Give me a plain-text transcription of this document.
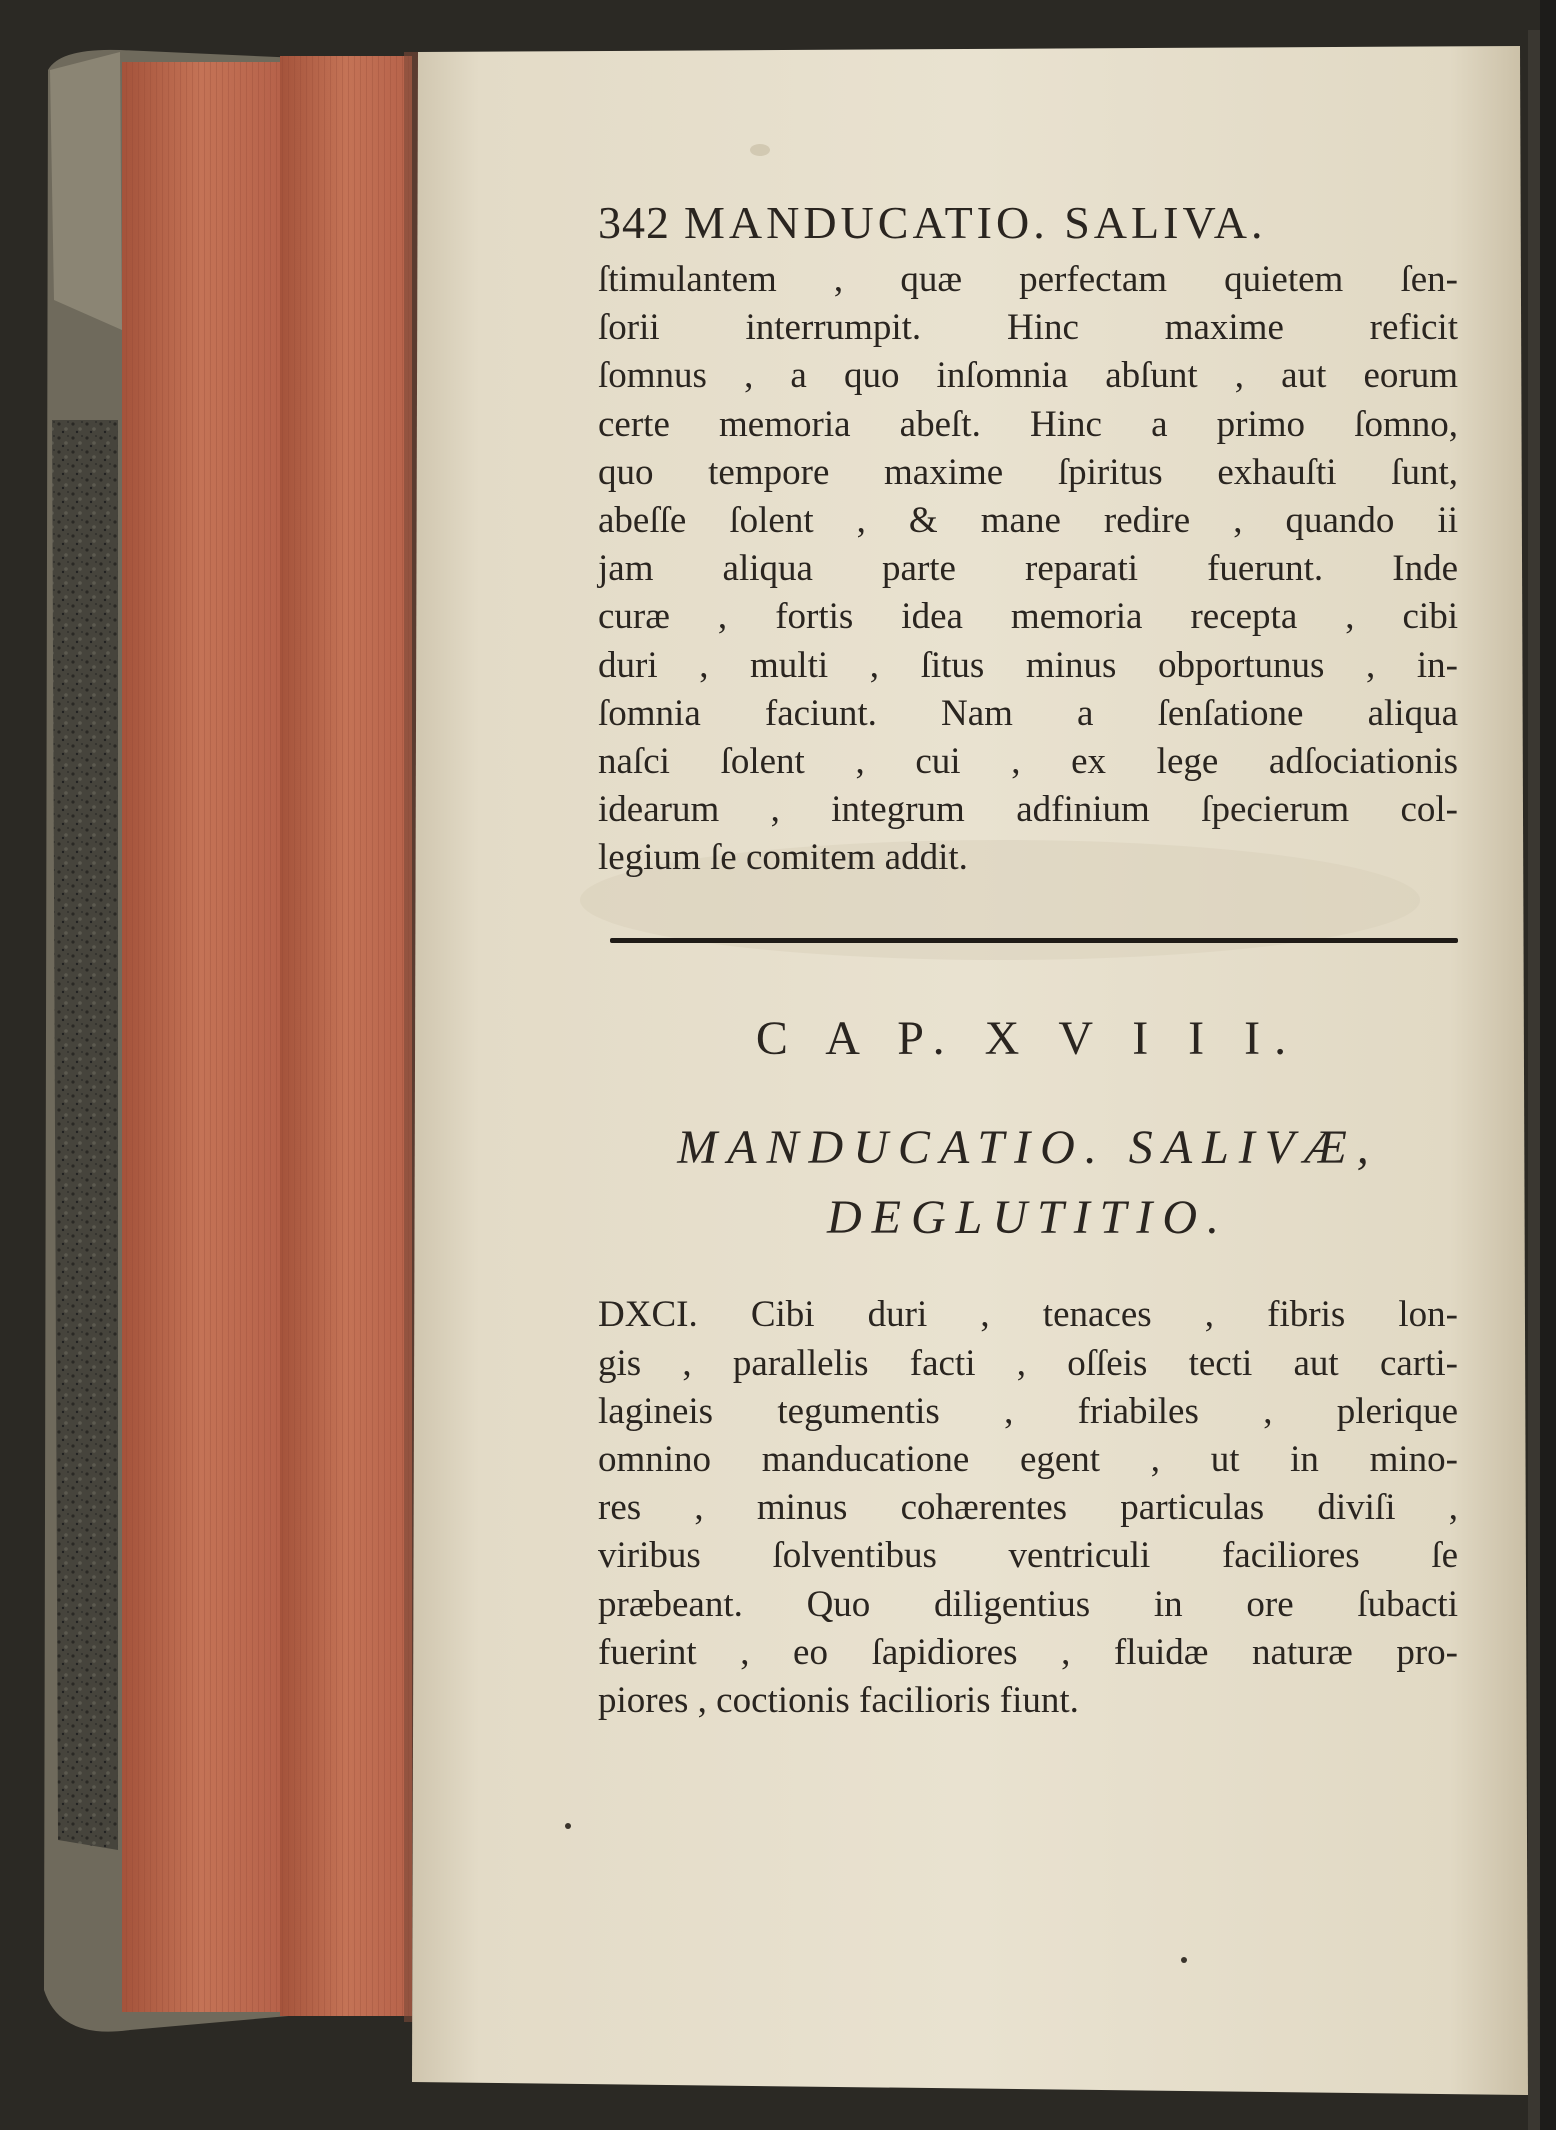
342 MANDUCATIO. SALIVA.
ſtimulantem , quæ perfectam quietem ſen-
ſorii interrumpit. Hinc maxime reficit
ſomnus , a quo inſomnia abſunt , aut eorum
certe memoria abeſt. Hinc a primo ſomno,
quo tempore maxime ſpiritus exhauſti ſunt,
abeſſe ſolent , & mane redire , quando ii
jam aliqua parte reparati fuerunt. Inde
curæ , fortis idea memoria recepta , cibi
duri , multi , ſitus minus obportunus , in-
ſomnia faciunt. Nam a ſenſatione aliqua
naſci ſolent , cui , ex lege adſociationis
idearum , integrum adfinium ſpecierum col-
legium ſe comitem addit.
C A P. X V I I I.
MANDUCATIO. SALIVÆ,
DEGLUTITIO.
DXCI. Cibi duri , tenaces , fibris lon-
gis , parallelis facti , oſſeis tecti aut carti-
lagineis tegumentis , friabiles , plerique
omnino manducatione egent , ut in mino-
res , minus cohærentes particulas diviſi ,
viribus ſolventibus ventriculi faciliores ſe
præbeant. Quo diligentius in ore ſubacti
fuerint , eo ſapidiores , fluidæ naturæ pro-
piores , coctionis facilioris fiunt.
